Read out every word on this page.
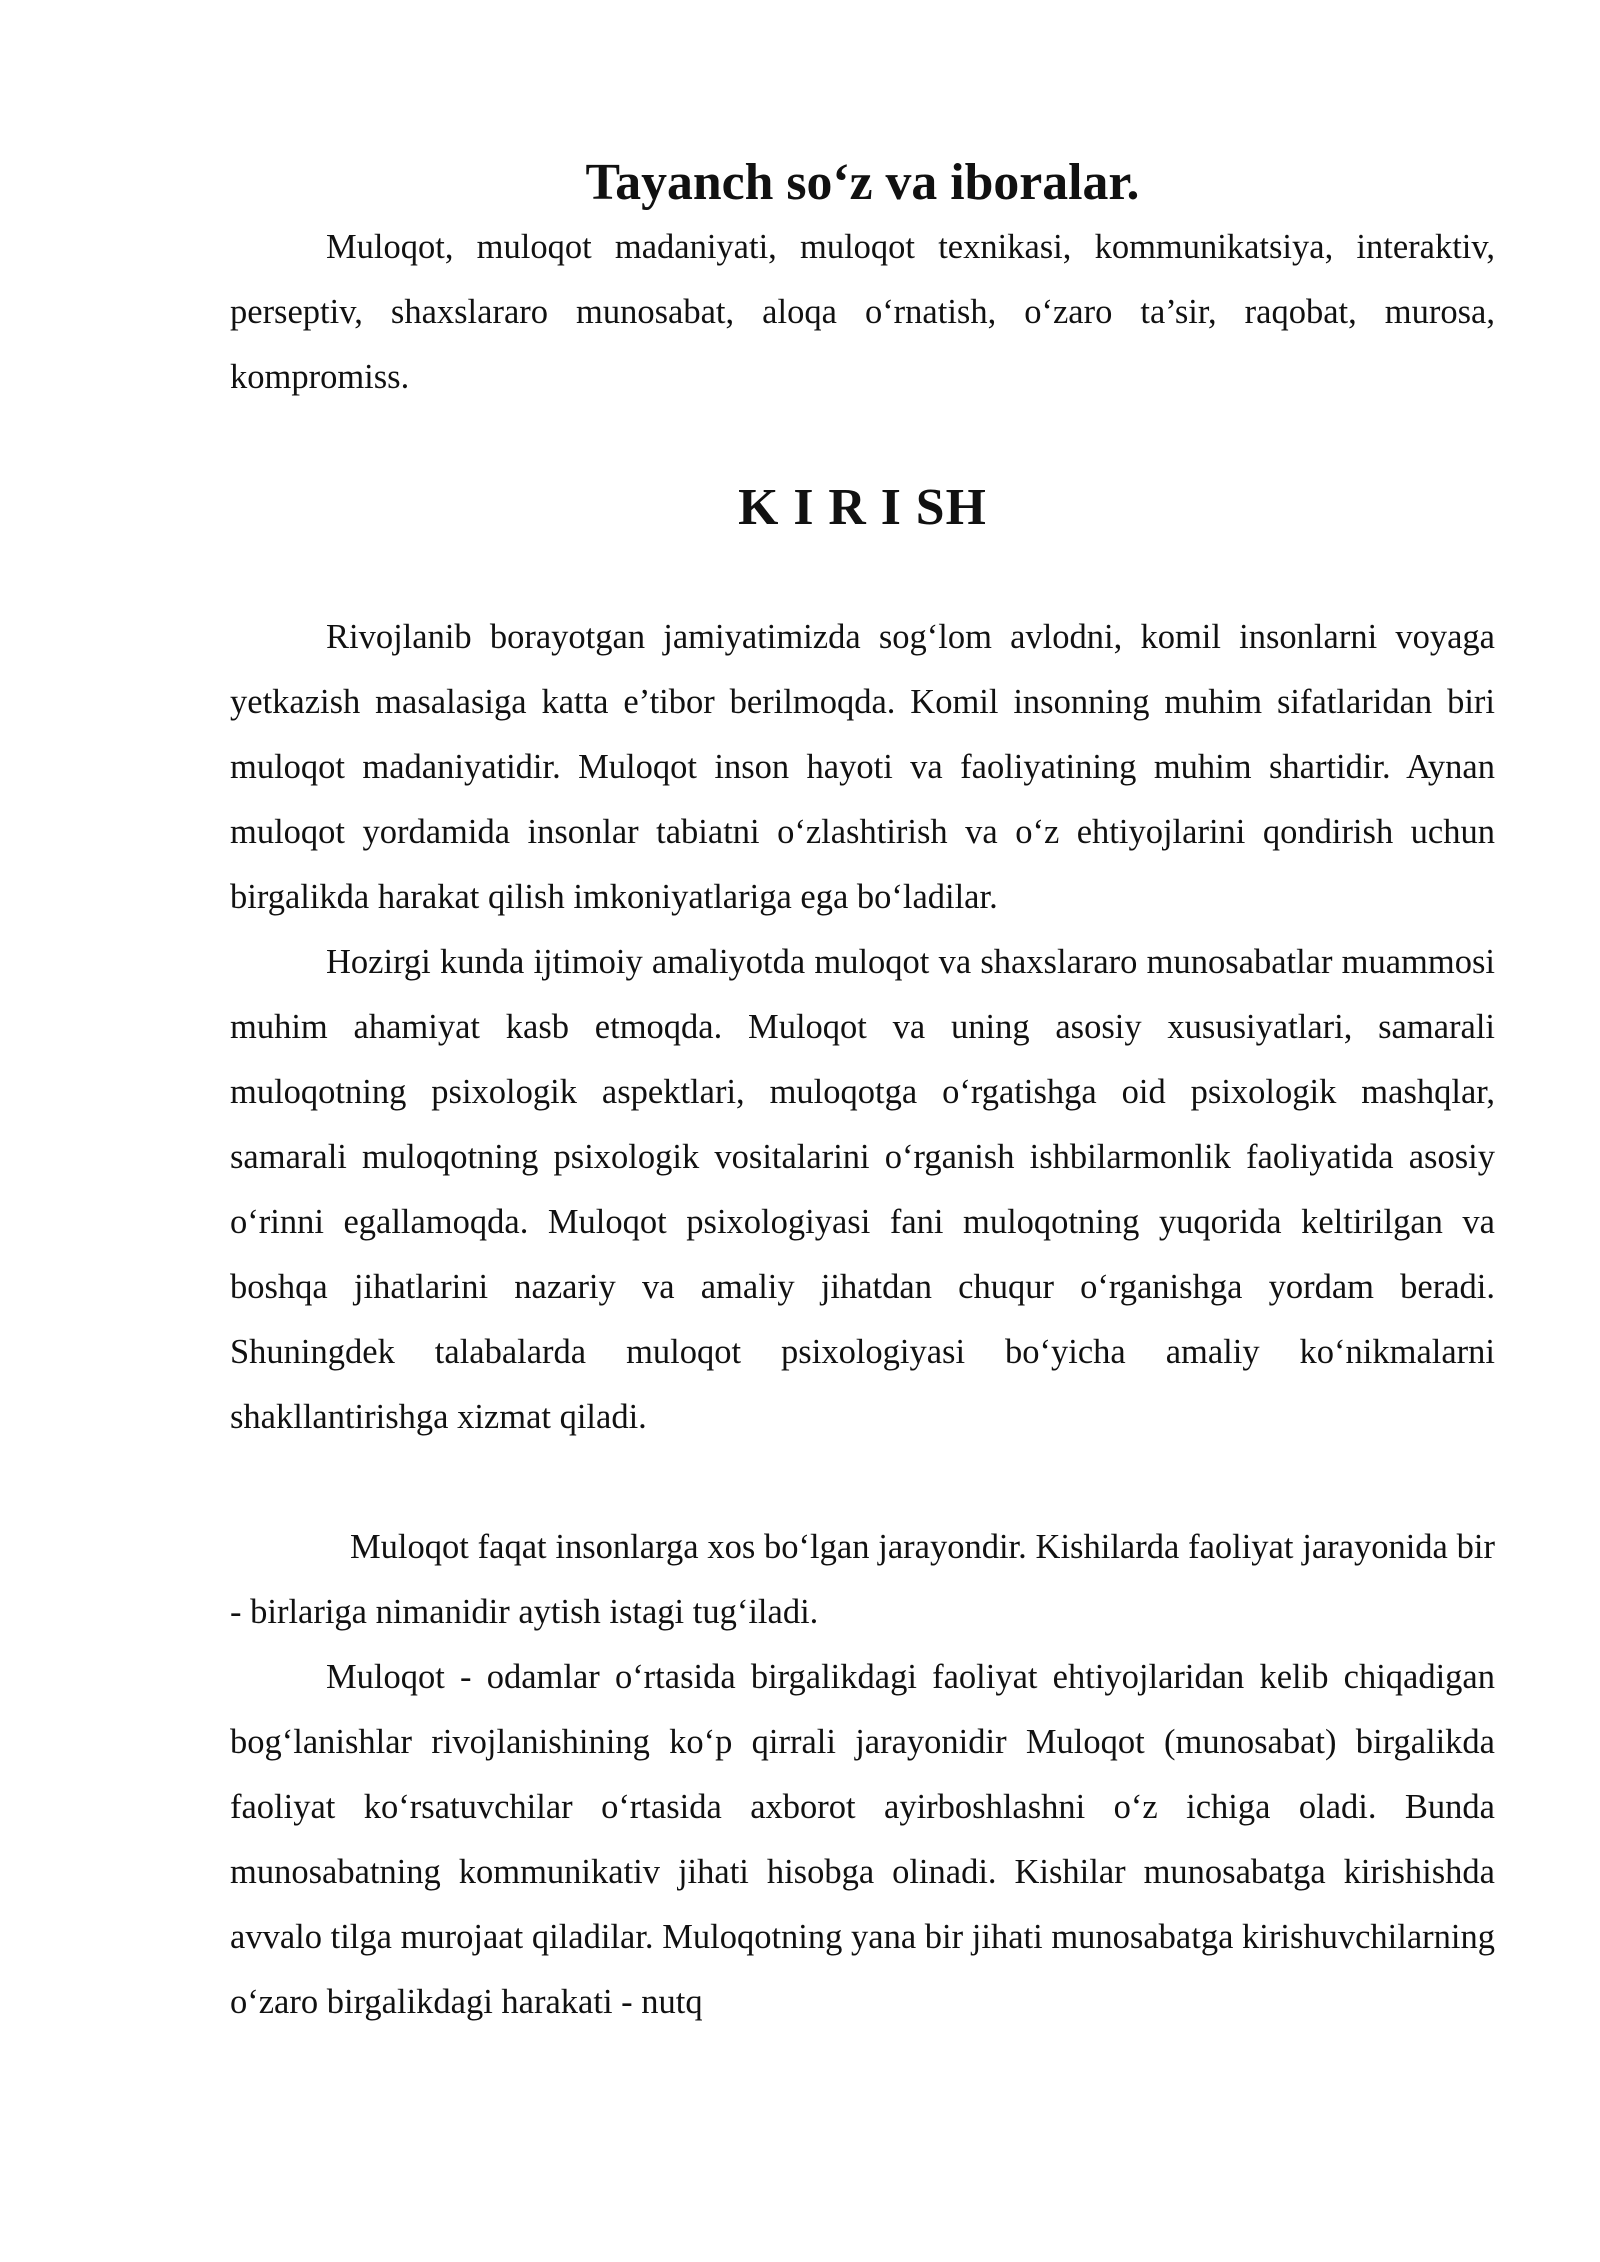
Tayanch so‘z va iboralar.

Muloqot, muloqot madaniyati, muloqot texnikasi, kommunikatsiya, interaktiv, perseptiv, shaxslararo munosabat, aloqa o‘rnatish, o‘zaro ta’sir, raqobat, murosa, kompromiss.

K I R I SH

Rivojlanib borayotgan jamiyatimizda sog‘lom avlodni, komil insonlarni voyaga yetkazish masalasiga katta e’tibor berilmoqda. Komil insonning muhim sifatlaridan biri muloqot madaniyatidir. Muloqot inson hayoti va faoliyatining muhim shartidir. Aynan muloqot yordamida insonlar tabiatni o‘zlashtirish va o‘z ehtiyojlarini qondirish uchun birgalikda harakat qilish imkoniyatlariga ega bo‘ladilar.

Hozirgi kunda ijtimoiy amaliyotda muloqot va shaxslararo munosabatlar muammosi muhim ahamiyat kasb etmoqda. Muloqot va uning asosiy xususiyatlari, samarali muloqotning psixologik aspektlari, muloqotga o‘rgatishga oid psixologik mashqlar, samarali muloqotning psixologik vositalarini o‘rganish ishbilarmonlik faoliyatida asosiy o‘rinni egallamoqda. Muloqot psixologiyasi fani muloqotning yuqorida keltirilgan va boshqa jihatlarini nazariy va amaliy jihatdan chuqur o‘rganishga yordam beradi. Shuningdek talabalarda muloqot psixologiyasi bo‘yicha amaliy ko‘nikmalarni shakllantirishga xizmat qiladi.

Muloqot faqat insonlarga xos bo‘lgan jarayondir. Kishilarda faoliyat jarayonida bir - birlariga nimanidir aytish istagi tug‘iladi.

Muloqot - odamlar o‘rtasida birgalikdagi faoliyat ehtiyojlaridan kelib chiqadigan bog‘lanishlar rivojlanishining ko‘p qirrali jarayonidir Muloqot (munosabat) birgalikda faoliyat ko‘rsatuvchilar o‘rtasida axborot ayirboshlashni o‘z ichiga oladi. Bunda munosabatning kommunikativ jihati hisobga olinadi. Kishilar munosabatga kirishishda avvalo tilga murojaat qiladilar. Muloqotning yana bir jihati munosabatga kirishuvchilarning o‘zaro birgalikdagi harakati - nutq
